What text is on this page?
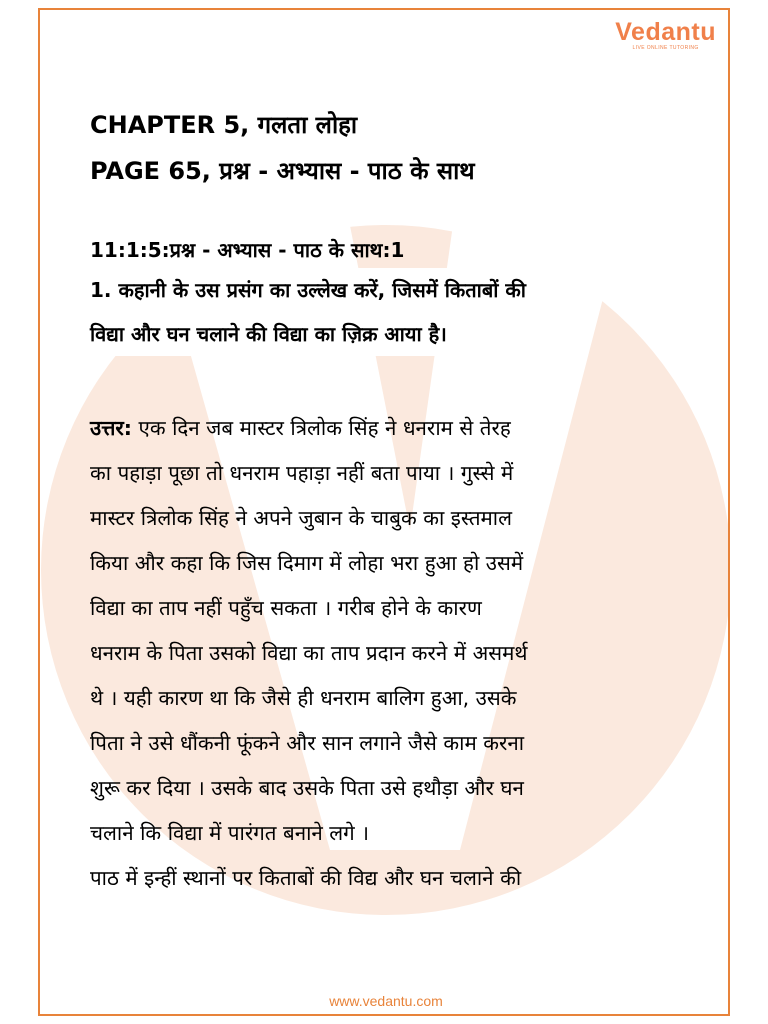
Vedantu
LIVE ONLINE TUTORING
CHAPTER 5, गलता लोहा
PAGE 65, प्रश्न - अभ्यास - पाठ के साथ
11:1:5:प्रश्न - अभ्यास - पाठ के साथ:1
1. कहानी के उस प्रसंग का उल्लेख करें, जिसमें किताबों की
विद्या और घन चलाने की विद्या का ज़िक्र आया है।
उत्तर: एक दिन जब मास्टर त्रिलोक सिंह ने धनराम से तेरह
का पहाड़ा पूछा तो धनराम पहाड़ा नहीं बता पाया । गुस्से में
मास्टर त्रिलोक सिंह ने अपने जुबान के चाबुक का इस्तमाल
किया और कहा कि जिस दिमाग में लोहा भरा हुआ हो उसमें
विद्या का ताप नहीं पहुँच सकता । गरीब होने के कारण
धनराम के पिता उसको विद्या का ताप प्रदान करने में असमर्थ
थे । यही कारण था कि जैसे ही धनराम बालिग हुआ, उसके
पिता ने उसे धौंकनी फूंकने और सान लगाने जैसे काम करना
शुरू कर दिया । उसके बाद उसके पिता उसे हथौड़ा और घन
चलाने कि विद्या में पारंगत बनाने लगे ।
पाठ में इन्हीं स्थानों पर किताबों की विद्य और घन चलाने की
www.vedantu.com
